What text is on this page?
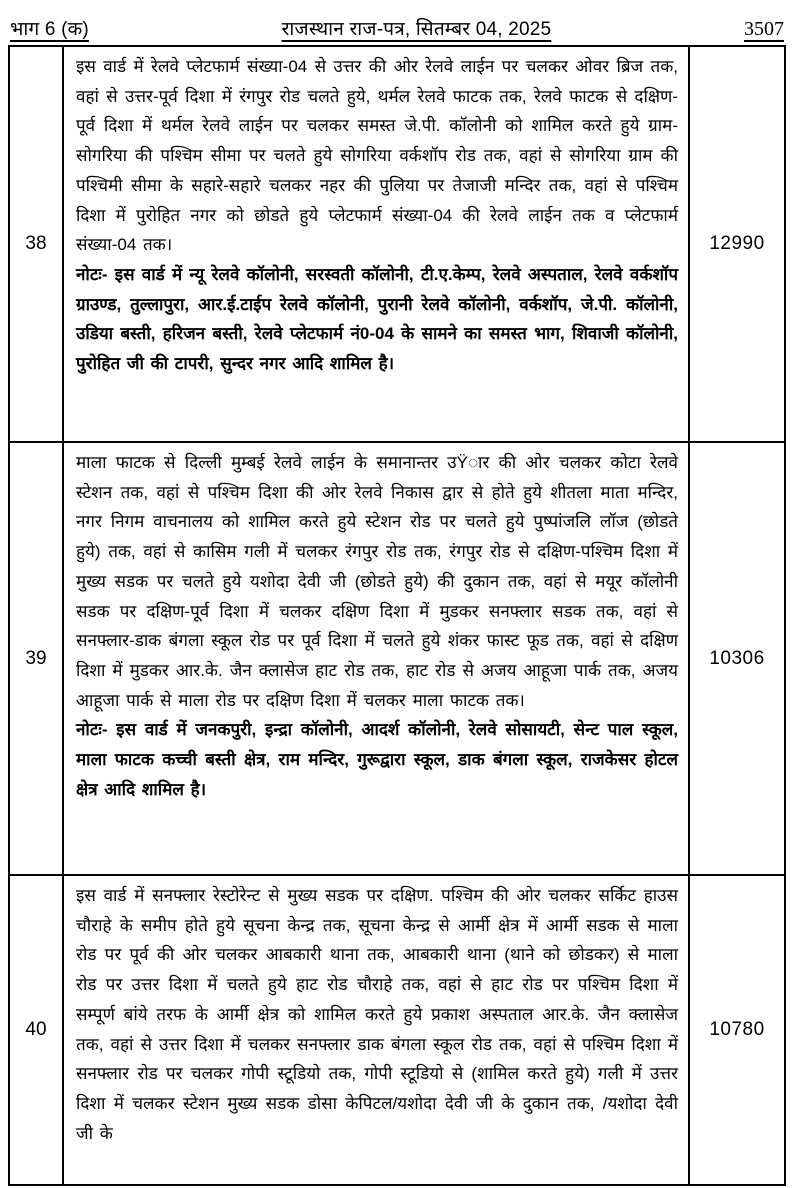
भाग 6 (क)	राजस्थान राज-पत्र, सितम्बर 04, 2025	3507
38

इस वार्ड में रेलवे प्लेटफार्म संख्या-04 से उत्तर की ओर रेलवे लाईन पर चलकर ओवर ब्रिज तक, वहां से उत्तर-पूर्व दिशा में रंगपुर रोड चलते हुये, थर्मल रेलवे फाटक तक, रेलवे फाटक से दक्षिण-पूर्व दिशा में थर्मल रेलवे लाईन पर चलकर समस्त जे.पी. कॉलोनी को शामिल करते हुये ग्राम-सोगरिया की पश्चिम सीमा पर चलते हुये सोगरिया वर्कशॉप रोड तक, वहां से सोगरिया ग्राम की पश्चिमी सीमा के सहारे-सहारे चलकर नहर की पुलिया पर तेजाजी मन्दिर तक, वहां से पश्चिम दिशा में पुरोहित नगर को छोडते हुये प्लेटफार्म संख्या-04 की रेलवे लाईन तक व प्लेटफार्म संख्या-04 तक।

नोटः- इस वार्ड में न्यू रेलवे कॉलोनी, सरस्वती कॉलोनी, टी.ए.केम्प, रेलवे अस्पताल, रेलवे वर्कशॉप ग्राउण्ड, तुल्लापुरा, आर.ई.टाईप रेलवे कॉलोनी, पुरानी रेलवे कॉलोनी, वर्कशॉप, जे.पी. कॉलोनी, उडिया बस्ती, हरिजन बस्ती, रेलवे प्लेटफार्म नं0-04 के सामने का समस्त भाग, शिवाजी कॉलोनी, पुरोहित जी की टापरी, सुन्दर नगर आदि शामिल है।

12990
39

माला फाटक से दिल्ली मुम्बई रेलवे लाईन के समानान्तर उŸार की ओर चलकर कोटा रेलवे स्टेशन तक, वहां से पश्चिम दिशा की ओर रेलवे निकास द्वार से होते हुये शीतला माता मन्दिर, नगर निगम वाचनालय को शामिल करते हुये स्टेशन रोड पर चलते हुये पुष्पांजलि लॉज (छोडते हुये) तक, वहां से कासिम गली में चलकर रंगपुर रोड तक, रंगपुर रोड से दक्षिण-पश्चिम दिशा में मुख्य सडक पर चलते हुये यशोदा देवी जी (छोडते हुये) की दुकान तक, वहां से मयूर कॉलोनी सडक पर दक्षिण-पूर्व दिशा में चलकर दक्षिण दिशा में मुडकर सनफ्लार सडक तक, वहां से सनफ्लार-डाक बंगला स्कूल रोड पर पूर्व दिशा में चलते हुये शंकर फास्ट फूड तक, वहां से दक्षिण दिशा में मुडकर आर.के. जैन क्लासेज हाट रोड तक, हाट रोड से अजय आहूजा पार्क तक, अजय आहूजा पार्क से माला रोड पर दक्षिण दिशा में चलकर माला फाटक तक।

नोटः- इस वार्ड में जनकपुरी, इन्द्रा कॉलोनी, आदर्श कॉलोनी, रेलवे सोसायटी, सेन्ट पाल स्कूल, माला फाटक कच्ची बस्ती क्षेत्र, राम मन्दिर, गुरूद्वारा स्कूल, डाक बंगला स्कूल, राजकेसर होटल क्षेत्र आदि शामिल है।

10306
40

इस वार्ड में सनफ्लार रेस्टोरेन्ट से मुख्य सडक पर दक्षिण. पश्चिम की ओर चलकर सर्किट हाउस चौराहे के समीप होते हुये सूचना केन्द्र तक, सूचना केन्द्र से आर्मी क्षेत्र में आर्मी सडक से माला रोड पर पूर्व की ओर चलकर आबकारी थाना तक, आबकारी थाना (थाने को छोडकर) से माला रोड पर उत्तर दिशा में चलते हुये हाट रोड चौराहे तक, वहां से हाट रोड पर पश्चिम दिशा में सम्पूर्ण बांये तरफ के आर्मी क्षेत्र को शामिल करते हुये प्रकाश अस्पताल आर.के. जैन क्लासेज तक, वहां से उत्तर दिशा में चलकर सनफ्लार डाक बंगला स्कूल रोड तक, वहां से पश्चिम दिशा में सनफ्लार रोड पर चलकर गोपी स्टूडियो तक, गोपी स्टूडियो से (शामिल करते हुये) गली में उत्तर दिशा में चलकर स्टेशन मुख्य सडक डोसा केपिटल/यशोदा देवी जी के दुकान तक, /यशोदा देवी जी के

10780
